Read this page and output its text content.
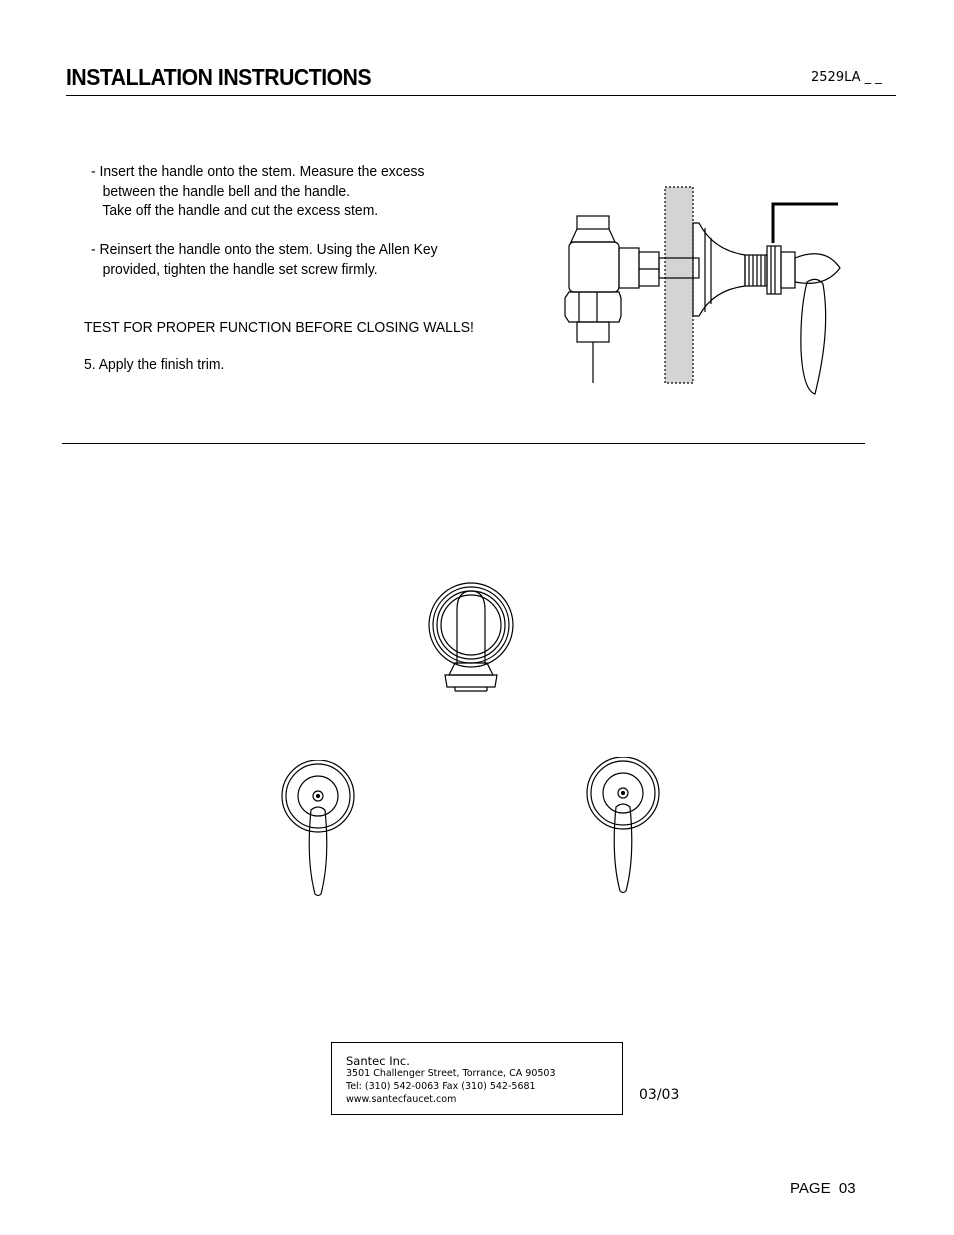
INSTALLATION INSTRUCTIONS	2529LA _ _
- Insert the handle onto the stem. Measure the excess
between the handle bell and the handle.
Take off the handle and cut the excess stem.
- Reinsert the handle onto the stem. Using the Allen Key
provided, tighten the handle set screw firmly.
TEST FOR PROPER FUNCTION BEFORE CLOSING WALLS!
5. Apply the finish trim.
Santec Inc.
3501 Challenger Street, Torrance, CA 90503
Tel: (310) 542-0063 Fax (310) 542-5681
www.santecfaucet.com	03/03
PAGE  03
